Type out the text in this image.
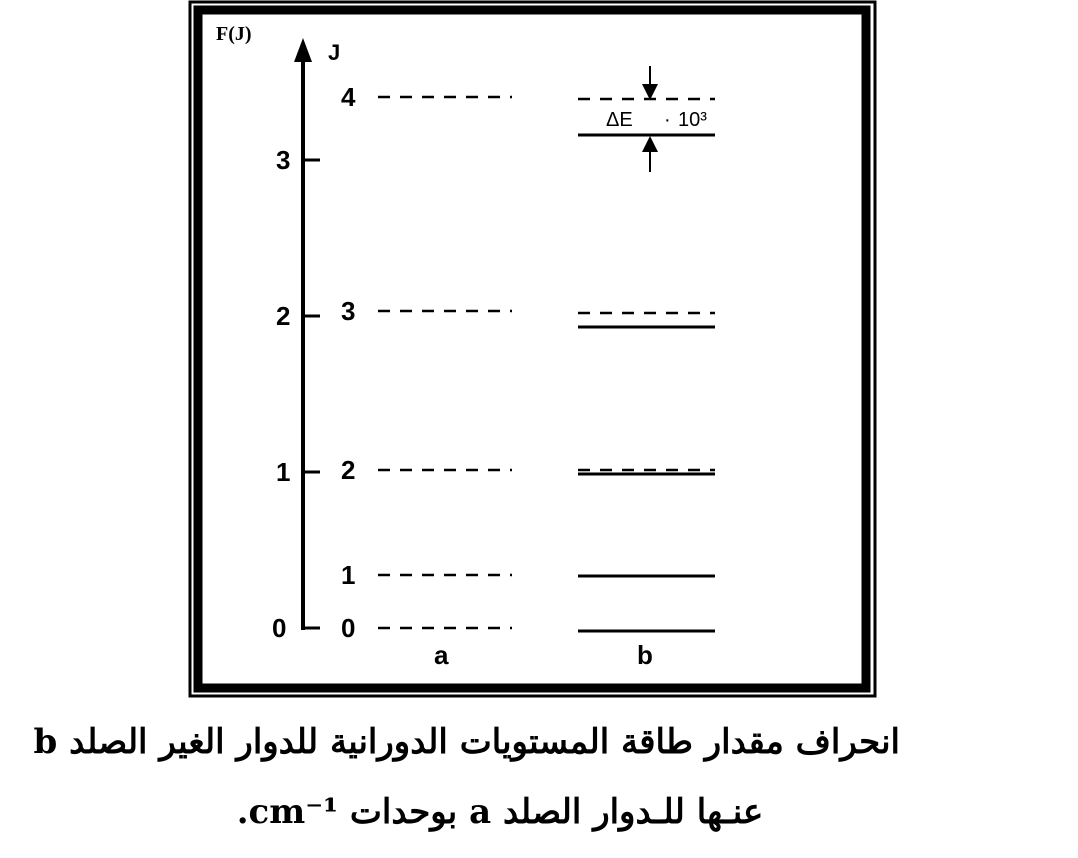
F(J)
J
0
1
2
3
0
1
2
3
4
ΔE · 10³
a	b
انحراف مقدار طاقة المستويات الدورانية للدوار الغير الصلد b
عنـها للـدوار الصلد a بوحدات cm⁻¹.
